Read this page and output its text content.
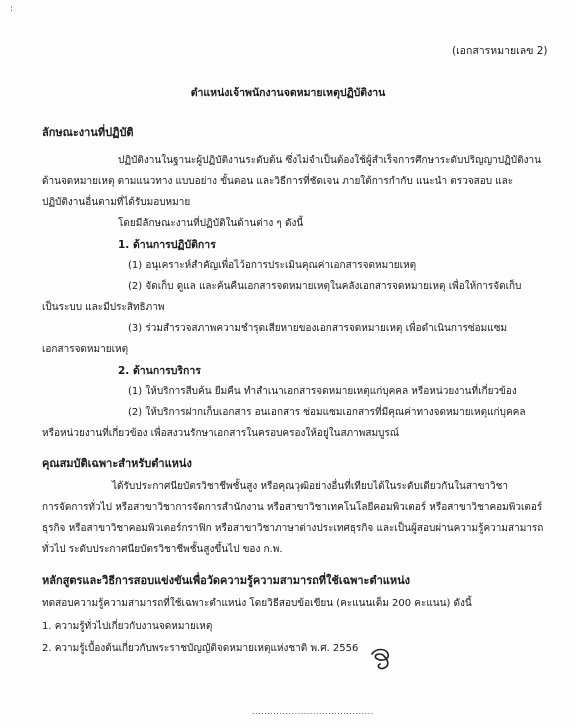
:
(เอกสารหมายเลข 2)
ตำแหน่งเจ้าพนักงานจดหมายเหตุปฏิบัติงาน
ลักษณะงานที่ปฏิบัติ
ปฏิบัติงานในฐานะผู้ปฏิบัติงานระดับต้น ซึ่งไม่จำเป็นต้องใช้ผู้สำเร็จการศึกษาระดับปริญญาปฏิบัติงาน
ด้านจดหมายเหตุ ตามแนวทาง แบบอย่าง ขั้นตอน และวิธีการที่ชัดเจน ภายใต้การกำกับ แนะนำ ตรวจสอบ และ
ปฏิบัติงานอื่นตามที่ได้รับมอบหมาย
โดยมีลักษณะงานที่ปฏิบัติในด้านต่าง ๆ ดังนี้
1. ด้านการปฏิบัติการ
(1) อนุเคราะห์สำคัญเพื่อไว้อการประเมินคุณค่าเอกสารจดหมายเหตุ
(2) จัดเก็บ ดูแล และค้นคืนเอกสารจดหมายเหตุในคลังเอกสารจดหมายเหตุ เพื่อให้การจัดเก็บ
เป็นระบบ และมีประสิทธิภาพ
(3) ร่วมสำรวจสภาพความชำรุดเสียหายของเอกสารจดหมายเหตุ เพื่อดำเนินการซ่อมแซม
เอกสารจดหมายเหตุ
2. ด้านการบริการ
(1) ให้บริการสืบค้น ยืมคืน ทำสำเนาเอกสารจดหมายเหตุแก่บุคคล หรือหน่วยงานที่เกี่ยวข้อง
(2) ให้บริการฝากเก็บเอกสาร อนเอกสาร ซ่อมแซมเอกสารที่มีคุณค่าทางจดหมายเหตุแก่บุคคล
หรือหน่วยงานที่เกี่ยวข้อง เพื่อสงวนรักษาเอกสารในครอบครองให้อยู่ในสภาพสมบูรณ์
คุณสมบัติเฉพาะสำหรับตำแหน่ง
ได้รับประกาศนียบัตรวิชาชีพชั้นสูง หรือคุณวุฒิอย่างอื่นที่เทียบได้ในระดับเดียวกันในสาขาวิชา
การจัดการทั่วไป หรือสาขาวิชาการจัดการสำนักงาน หรือสาขาวิชาเทคโนโลยีคอมพิวเตอร์ หรือสาขาวิชาคอมพิวเตอร์
ธุรกิจ หรือสาขาวิชาคอมพิวเตอร์กราฟิก หรือสาขาวิชาภาษาต่างประเทศธุรกิจ และเป็นผู้สอบผ่านความรู้ความสามารถ
ทั่วไป ระดับประกาศนียบัตรวิชาชีพชั้นสูงขึ้นไป ของ ก.พ.
หลักสูตรและวิธีการสอบแข่งขันเพื่อวัดความรู้ความสามารถที่ใช้เฉพาะตำแหน่ง
ทดสอบความรู้ความสามารถที่ใช้เฉพาะตำแหน่ง โดยวิธีสอบข้อเขียน (คะแนนเต็ม 200 คะแนน) ดังนี้
1. ความรู้ทั่วไปเกี่ยวกับงานจดหมายเหตุ
2. ความรู้เบื้องต้นเกี่ยวกับพระราชบัญญัติจดหมายเหตุแห่งชาติ พ.ศ. 2556
........................................
